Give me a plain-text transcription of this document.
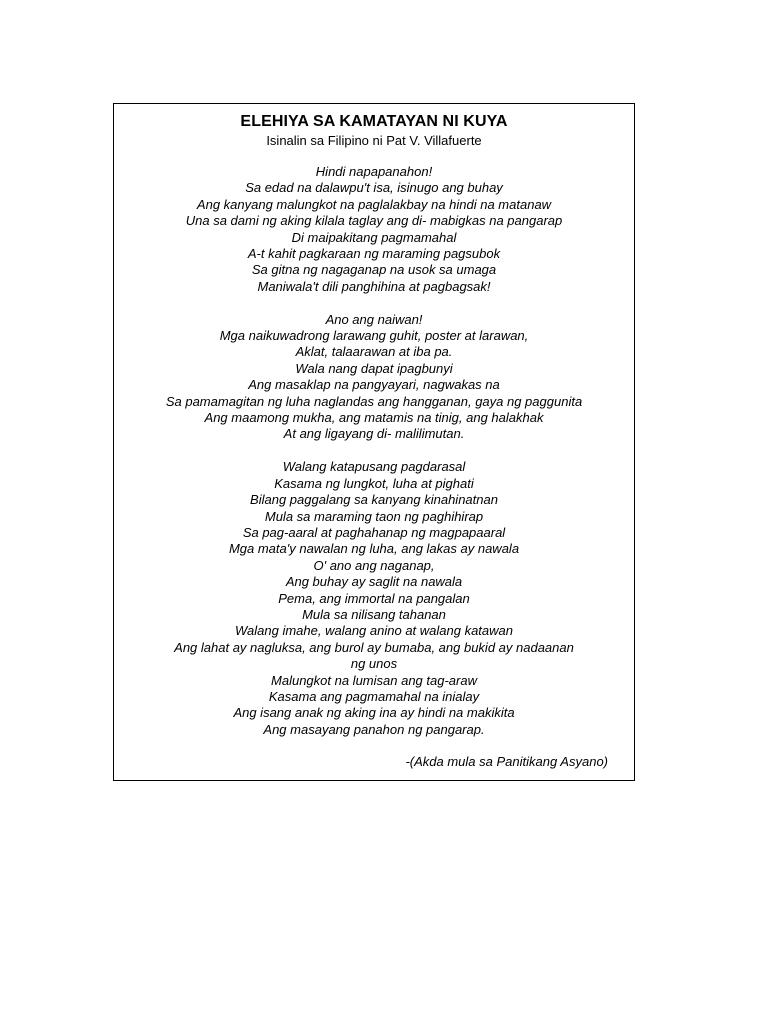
ELEHIYA SA KAMATAYAN NI KUYA
Isinalin sa Filipino ni Pat V. Villafuerte
Hindi napapanahon!
Sa edad na dalawpu't isa, isinugo ang buhay
Ang kanyang malungkot na paglalakbay na hindi na matanaw
Una sa dami ng aking kilala taglay ang di- mabigkas na pangarap
Di maipakitang pagmamahal
A-t kahit pagkaraan ng maraming pagsubok
Sa gitna ng nagaganap na usok sa umaga
Maniwala't dili panghihina at pagbagsak!
Ano ang naiwan!
Mga naikuwadrong larawang guhit, poster at larawan,
Aklat, talaarawan at iba pa.
Wala nang dapat ipagbunyi
Ang masaklap na pangyayari, nagwakas na
Sa pamamagitan ng luha naglandas ang hangganan, gaya ng paggunita
Ang maamong mukha, ang matamis na tinig, ang halakhak
At ang ligayang di- malilimutan.
Walang katapusang pagdarasal
Kasama ng lungkot, luha at pighati
Bilang paggalang sa kanyang kinahinatnan
Mula sa maraming taon ng paghihirap
Sa pag-aaral at paghahanap ng magpapaaral
Mga mata'y nawalan ng luha, ang lakas ay nawala
O' ano ang naganap,
Ang buhay ay saglit na nawala
Pema, ang immortal na pangalan
Mula sa nilisang tahanan
Walang imahe, walang anino at walang katawan
Ang lahat ay nagluksa, ang burol ay bumaba, ang bukid ay nadaanan
ng unos
Malungkot na lumisan ang tag-araw
Kasama ang pagmamahal na inialay
Ang isang anak ng aking ina ay hindi na makikita
Ang masayang panahon ng pangarap.
-(Akda mula sa Panitikang Asyano)
